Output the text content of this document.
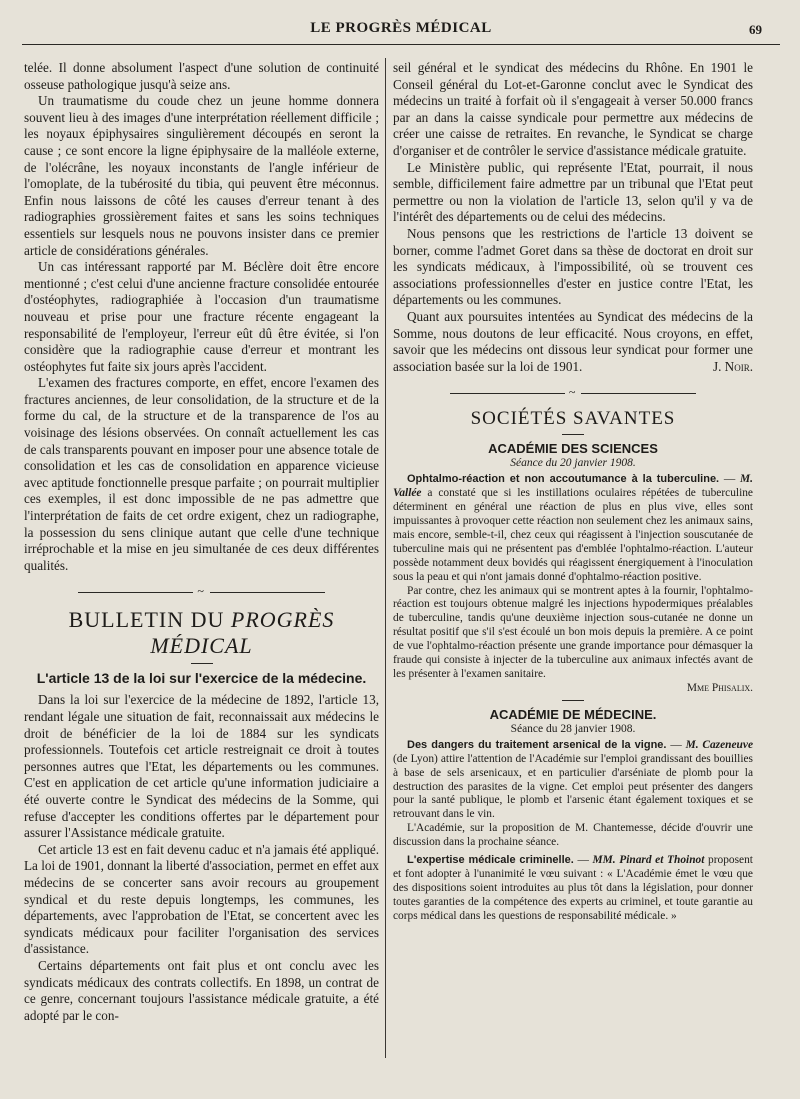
LE PROGRÈS MÉDICAL	69

telée. Il donne absolument l'aspect d'une solution de continuité osseuse pathologique jusqu'à seize ans.

Un traumatisme du coude chez un jeune homme donnera souvent lieu à des images d'une interprétation réellement difficile ; les noyaux épiphysaires singulièrement découpés en seront la cause ; ce sont encore la ligne épiphysaire de la malléole externe, de l'olécrâne, les noyaux inconstants de l'angle inférieur de l'omoplate, de la tubérosité du tibia, qui peuvent être méconnus. Enfin nous laissons de côté les causes d'erreur tenant à des radiographies grossièrement faites et sans les soins techniques essentiels sur lesquels nous ne pouvons insister dans ce premier article de considérations générales.

Un cas intéressant rapporté par M. Béclère doit être encore mentionné ; c'est celui d'une ancienne fracture consolidée entourée d'ostéophytes, radiographiée à l'occasion d'un traumatisme nouveau et prise pour une fracture récente engageant la responsabilité de l'employeur, l'erreur eût dû être évitée, si l'on considère que la radiographie cause d'erreur et montrant les ostéophytes fut faite six jours après l'accident.

L'examen des fractures comporte, en effet, encore l'examen des fractures anciennes, de leur consolidation, de la structure et de la forme du cal, de la structure et de la transparence de l'os au voisinage des lésions observées. On connaît actuellement les cas de cals transparents pouvant en imposer pour une absence totale de consolidation et les cas de consolidation en apparence vicieuse avec aptitude fonctionnelle presque parfaite ; on pourrait multiplier ces exemples, il est donc impossible de ne pas admettre que l'interprétation de faits de cet ordre exigent, chez un radiographe, la possession du sens clinique autant que celle d'une technique irréprochable et la mise en jeu simultanée de ces deux différentes qualités.

~
BULLETIN DU PROGRÈS MÉDICAL
L'article 13 de la loi sur l'exercice de la médecine.

Dans la loi sur l'exercice de la médecine de 1892, l'article 13, rendant légale une situation de fait, reconnaissait aux médecins le droit de bénéficier de la loi de 1884 sur les syndicats professionnels. Toutefois cet article restreignait ce droit à toutes personnes autres que l'Etat, les départements ou les communes. C'est en application de cet article qu'une information judiciaire a été ouverte contre le Syndicat des médecins de la Somme, qui refuse d'accepter les conditions offertes par le département pour assurer l'Assistance médicale gratuite.

Cet article 13 est en fait devenu caduc et n'a jamais été appliqué. La loi de 1901, donnant la liberté d'association, permet en effet aux médecins de se concerter sans avoir recours au groupement syndical et du reste depuis longtemps, les communes, les départements, avec l'approbation de l'Etat, se concertent avec les syndicats médicaux pour faciliter l'organisation des services d'assistance.

Certains départements ont fait plus et ont conclu avec les syndicats médicaux des contrats collectifs. En 1898, un contrat de ce genre, concernant toujours l'assistance médicale gratuite, a été adopté par le con-

seil général et le syndicat des médecins du Rhône. En 1901 le Conseil général du Lot-et-Garonne conclut avec le Syndicat des médecins un traité à forfait où il s'engageait à verser 50.000 francs par an dans la caisse syndicale pour permettre aux médecins de créer une caisse de retraites. En revanche, le Syndicat se charge d'organiser et de contrôler le service d'assistance médicale gratuite.

Le Ministère public, qui représente l'Etat, pourrait, il nous semble, difficilement faire admettre par un tribunal que l'Etat peut permettre ou non la violation de l'article 13, selon qu'il y va de l'intérêt des départements ou de celui des médecins.

Nous pensons que les restrictions de l'article 13 doivent se borner, comme l'admet Goret dans sa thèse de doctorat en droit sur les syndicats médicaux, à l'impossibilité, où se trouvent ces associations professionnelles d'ester en justice contre l'Etat, les départements ou les communes.

Quant aux poursuites intentées au Syndicat des médecins de la Somme, nous doutons de leur efficacité. Nous croyons, en effet, savoir que les médecins ont dissous leur syndicat pour former une association basée sur la loi de 1901.	J. Noir.

~
SOCIÉTÉS SAVANTES
ACADÉMIE DES SCIENCES
Séance du 20 janvier 1908.

Ophtalmo-réaction et non accoutumance à la tuberculine. — M. Vallée a constaté que si les instillations oculaires répétées de tuberculine déterminent en général une réaction de plus en plus vive, elles sont impuissantes à provoquer cette réaction non seulement chez les animaux sains, mais encore, semble-t-il, chez ceux qui réagissent à l'injection souscutanée de tuberculine mais qui ne présentent pas d'emblée l'ophtalmo-réaction. L'auteur possède notamment deux bovidés qui réagissent énergiquement à l'inoculation sous la peau et qui n'ont jamais donné d'ophtalmo-réaction positive.

Par contre, chez les animaux qui se montrent aptes à la fournir, l'ophtalmo-réaction est toujours obtenue malgré les injections hypodermiques préalables de tuberculine, tandis qu'une deuxième injection sous-cutanée ne donne un résultat positif que s'il s'est écoulé un bon mois depuis la première. A ce point de vue l'ophtalmo-réaction présente une grande importance pour démasquer la fraude qui consiste à injecter de la tuberculine aux animaux infectés avant de les présenter à l'examen sanitaire.

Mme Phisalix.
ACADÉMIE DE MÉDECINE.
Séance du 28 janvier 1908.

Des dangers du traitement arsenical de la vigne. — M. Cazeneuve (de Lyon) attire l'attention de l'Académie sur l'emploi grandissant des bouillies à base de sels arsenicaux, et en particulier d'arséniate de plomb pour la destruction des parasites de la vigne. Cet emploi peut présenter des dangers pour la santé publique, le plomb et l'arsenic étant également toxiques et se retrouvant dans le vin.

L'Académie, sur la proposition de M. Chantemesse, décide d'ouvrir une discussion dans la prochaine séance.

L'expertise médicale criminelle. — MM. Pinard et Thoinot proposent et font adopter à l'unanimité le vœu suivant : « L'Académie émet le vœu que des dispositions soient introduites au plus tôt dans la législation, pour donner toutes garanties de la compétence des experts au criminel, et toute garantie au corps médical dans les questions de responsabilité médicale. »
